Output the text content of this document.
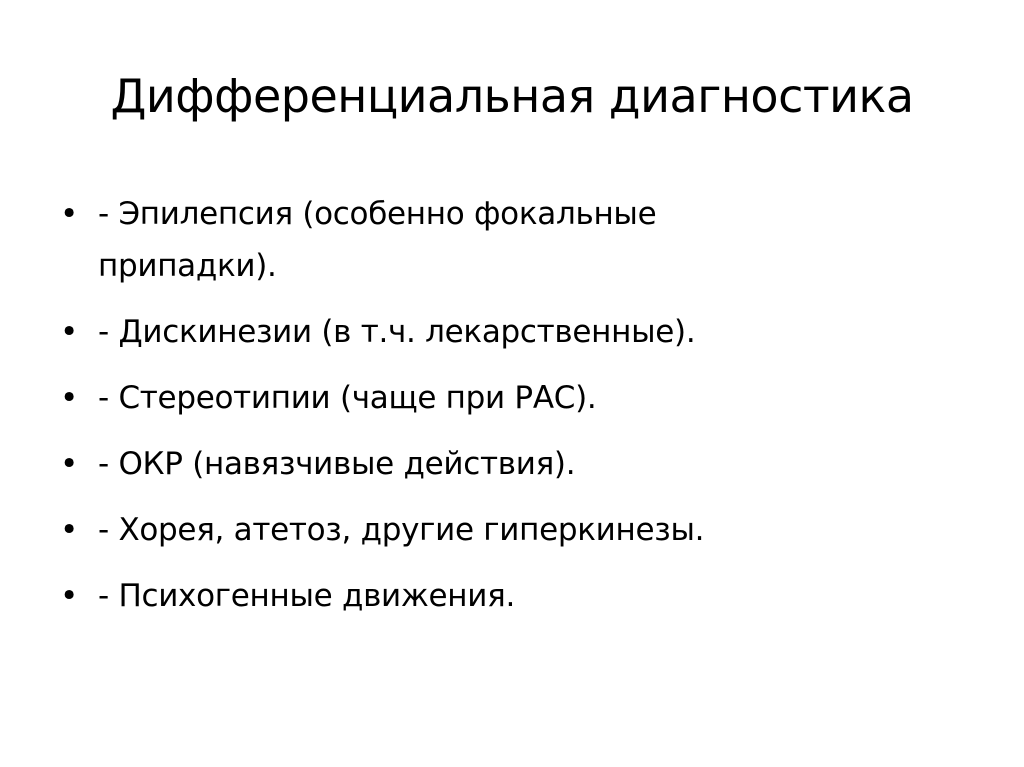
Дифференциальная диагностика
• - Эпилепсия (особенно фокальные припадки).
• - Дискинезии (в т.ч. лекарственные).
• - Стереотипии (чаще при РАС).
• - ОКР (навязчивые действия).
• - Хорея, атетоз, другие гиперкинезы.
• - Психогенные движения.
